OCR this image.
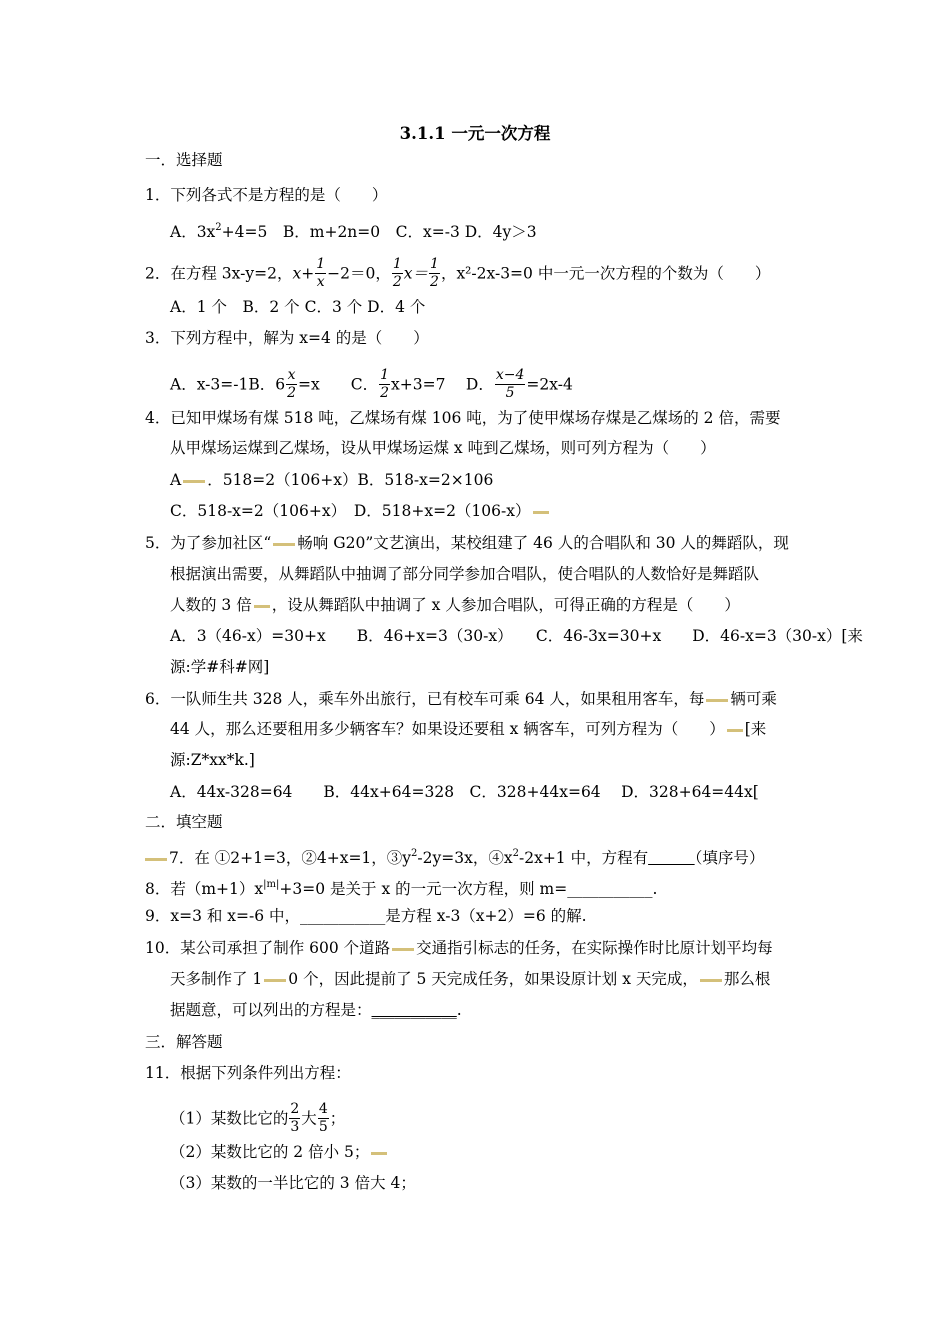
3.1.1 一元一次方程
一．选择题
1．下列各式不是方程的是（　　）
A．$3x^2+4=5$　B．m+2n=0　C．x=-3 D．4y＞3
2．在方程 3x-y=2，$x+ \frac{1}{x} -2=0$， $\frac{1}{2} x= \frac{1}{2}$ ，x²-2x-3=0 中一元一次方程的个数为（　　）
A．1 个　B．2 个 C．3 个 D．4 个
3．下列方程中，解为 x=4 的是（　　）
A．x-3=-1B．$6 \frac{x}{2} =x$　　C． $\frac{1}{2} x+3=7$　 D． $\frac{x-4}{5} =2x-4$
4．已知甲煤场有煤 518 吨，乙煤场有煤 106 吨，为了使甲煤场存煤是乙煤场的 2 倍，需要
从甲煤场运煤到乙煤场，设从甲煤场运煤 x 吨到乙煤场，则可列方程为（　　）
A ．518=2（106+x）B．518-x=2×106
C．518-x=2（106+x）　D．518+x=2（106-x）
5．为了参加社区“ 畅响 G20”文艺演出，某校组建了 46 人的合唱队和 30 人的舞蹈队，现
根据演出需要，从舞蹈队中抽调了部分同学参加合唱队，使合唱队的人数恰好是舞蹈队
人数的 3 倍 ，设从舞蹈队中抽调了 x 人参加合唱队，可得正确的方程是（　　）
A．3（46-x）=30+x　　B．46+x=3（30-x）　　C．46-3x=30+x　　D．46-x=3（30-x）[来
源:学#科#网]
6．一队师生共 328 人，乘车外出旅行，已有校车可乘 64 人，如果租用客车，每 辆可乘
44 人，那么还要租用多少辆客车？如果设还要租 x 辆客车，可列方程为（　　） [来
源:Z*xx*k.]
A．44x-328=64　　B．44x+64=328　C．328+44x=64　 D．328+64=44x[
二．填空题
7．在 ①2+1=3，②4+x=1，$③y^2-2y=3x$，$④x^2-2x+1$ 中，方程有　　　	（填序号）
8．若$(m+1)x^{|m|}+3=0$ 是关于 x 的一元一次方程，则 m=___________.
9．x=3 和 x=-6 中，___________是方程 x-3（x+2）=6 的解.
10．某公司承担了制作 600 个道路 交通指引标志的任务，在实际操作时比原计划平均每
天多制作了 1 0 个，因此提前了 5 天完成任务，如果设原计划 x 天完成， 那么根
据题意，可以列出的方程是：___________.
三．解答题
11．根据下列条件列出方程：
（1）某数比它的 $\frac{2}{3}$ 大 $\frac{4}{5}$ ；
（2）某数比它的 2 倍小 5；
（3）某数的一半比它的 3 倍大 4；
